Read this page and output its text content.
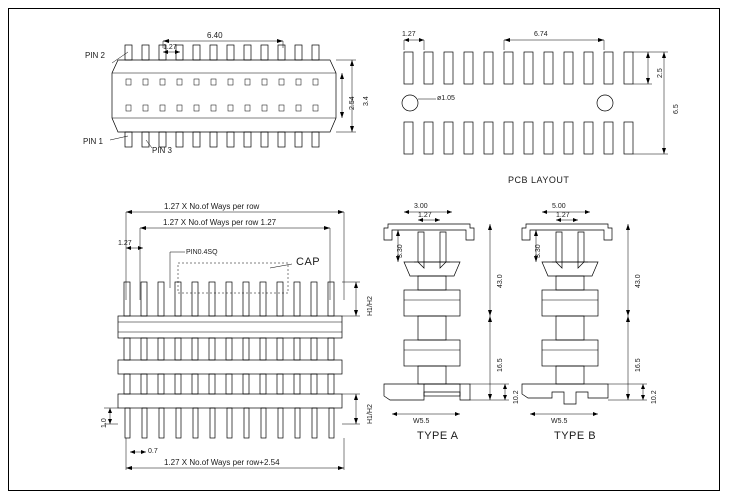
PIN 2
PIN 1
PIN 3
6.40
1.27
3.4
2.54
1.27	6.74
2.5
6.5
ø1.05
PCB LAYOUT
1.27 X No.of Ways per row
1.27 X No.of Ways per row 1.27
1.27
PIN0.4SQ
CAP
H1/H2
H1/H2
1.0
0.7
1.27 X No.of Ways per row+2.54
3.00
1.27
3.30
43.0
16.5
10.2
W5.5
TYPE A
5.00
1.27
3.30
43.0
16.5
10.2
W5.5
TYPE B
